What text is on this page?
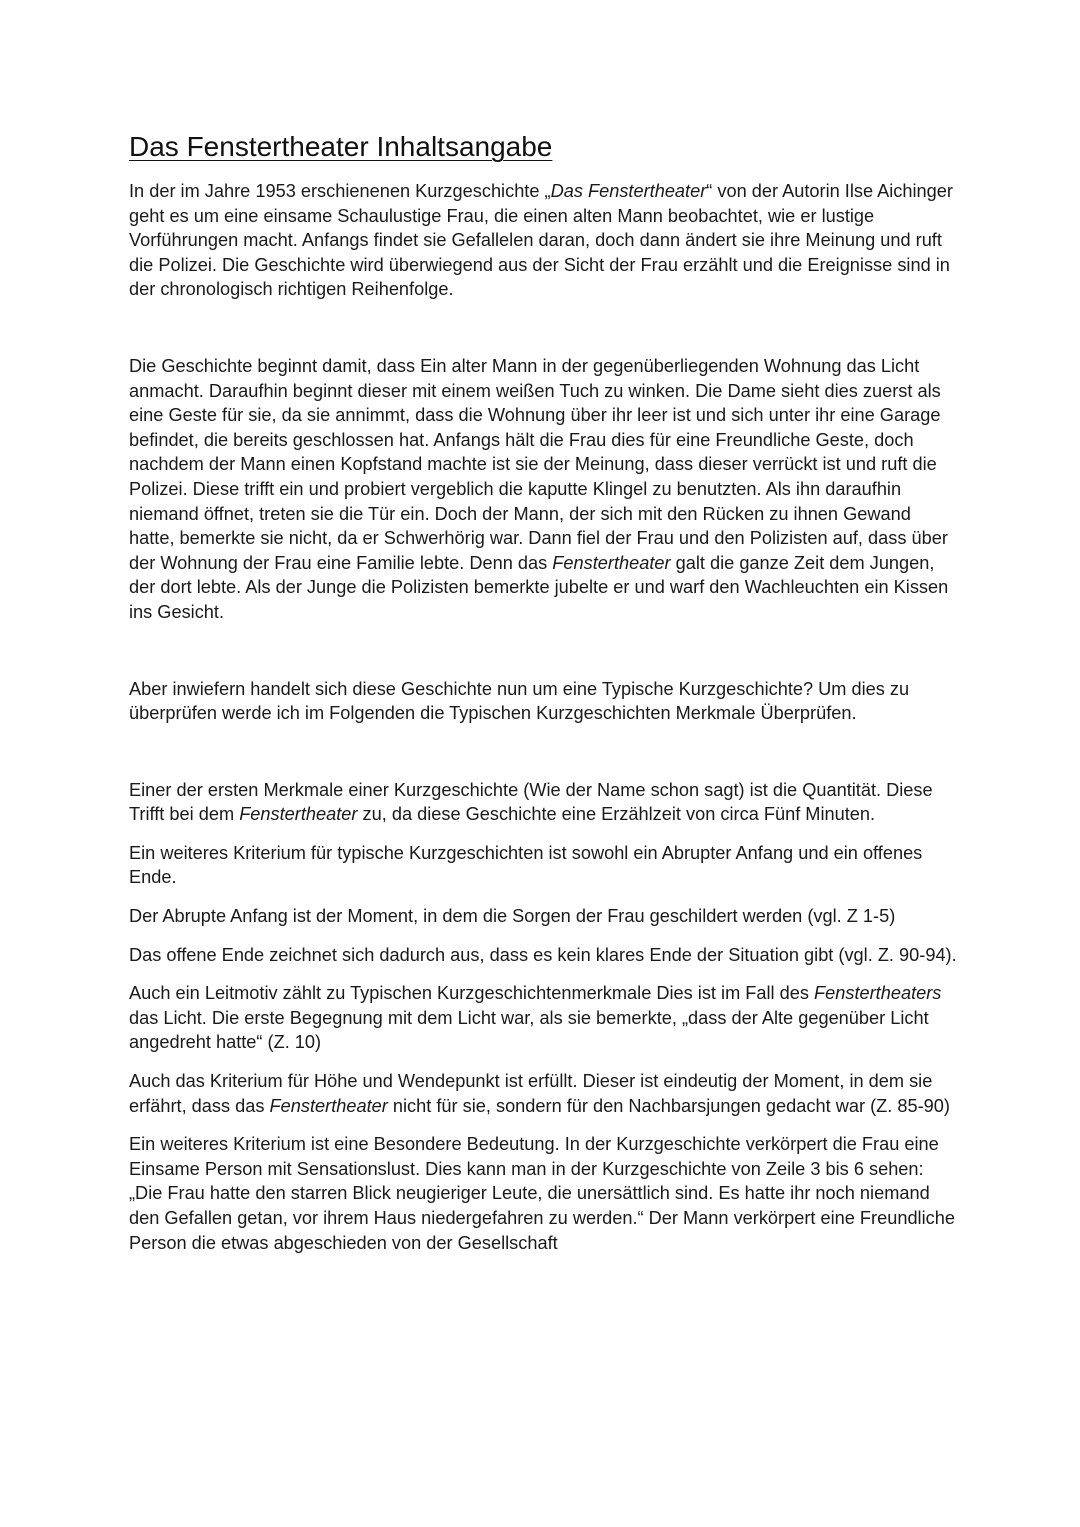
Das Fenstertheater Inhaltsangabe

In der im Jahre 1953 erschienenen Kurzgeschichte „Das Fenstertheater“ von der Autorin Ilse Aichinger geht es um eine einsame Schaulustige Frau, die einen alten Mann beobachtet, wie er lustige Vorführungen macht. Anfangs findet sie Gefallelen daran, doch dann ändert sie ihre Meinung und ruft die Polizei. Die Geschichte wird überwiegend aus der Sicht der Frau erzählt und die Ereignisse sind in der chronologisch richtigen Reihenfolge.

Die Geschichte beginnt damit, dass Ein alter Mann in der gegenüberliegenden Wohnung das Licht anmacht. Daraufhin beginnt dieser mit einem weißen Tuch zu winken. Die Dame sieht dies zuerst als eine Geste für sie, da sie annimmt, dass die Wohnung über ihr leer ist und sich unter ihr eine Garage befindet, die bereits geschlossen hat. Anfangs hält die Frau dies für eine Freundliche Geste, doch nachdem der Mann einen Kopfstand machte ist sie der Meinung, dass dieser verrückt ist und ruft die Polizei. Diese trifft ein und probiert vergeblich die kaputte Klingel zu benutzten. Als ihn daraufhin niemand öffnet, treten sie die Tür ein. Doch der Mann, der sich mit den Rücken zu ihnen Gewand hatte, bemerkte sie nicht, da er Schwerhörig war. Dann fiel der Frau und den Polizisten auf, dass über der Wohnung der Frau eine Familie lebte. Denn das Fenstertheater galt die ganze Zeit dem Jungen, der dort lebte. Als der Junge die Polizisten bemerkte jubelte er und warf den Wachleuchten ein Kissen ins Gesicht.

Aber inwiefern handelt sich diese Geschichte nun um eine Typische Kurzgeschichte? Um dies zu überprüfen werde ich im Folgenden die Typischen Kurzgeschichten Merkmale Überprüfen.

Einer der ersten Merkmale einer Kurzgeschichte (Wie der Name schon sagt) ist die Quantität. Diese Trifft bei dem Fenstertheater zu, da diese Geschichte eine Erzählzeit von circa Fünf Minuten.

Ein weiteres Kriterium für typische Kurzgeschichten ist sowohl ein Abrupter Anfang und ein offenes Ende.

Der Abrupte Anfang ist der Moment, in dem die Sorgen der Frau geschildert werden (vgl. Z 1-5)

Das offene Ende zeichnet sich dadurch aus, dass es kein klares Ende der Situation gibt (vgl. Z. 90-94).

Auch ein Leitmotiv zählt zu Typischen Kurzgeschichtenmerkmale Dies ist im Fall des Fenstertheaters das Licht. Die erste Begegnung mit dem Licht war, als sie bemerkte, „dass der Alte gegenüber Licht angedreht hatte“ (Z. 10)

Auch das Kriterium für Höhe und Wendepunkt ist erfüllt. Dieser ist eindeutig der Moment, in dem sie erfährt, dass das Fenstertheater nicht für sie, sondern für den Nachbarsjungen gedacht war (Z. 85-90)

Ein weiteres Kriterium ist eine Besondere Bedeutung. In der Kurzgeschichte verkörpert die Frau eine Einsame Person mit Sensationslust. Dies kann man in der Kurzgeschichte von Zeile 3 bis 6 sehen: „Die Frau hatte den starren Blick neugieriger Leute, die unersättlich sind. Es hatte ihr noch niemand den Gefallen getan, vor ihrem Haus niedergefahren zu werden.“ Der Mann verkörpert eine Freundliche Person die etwas abgeschieden von der Gesellschaft
